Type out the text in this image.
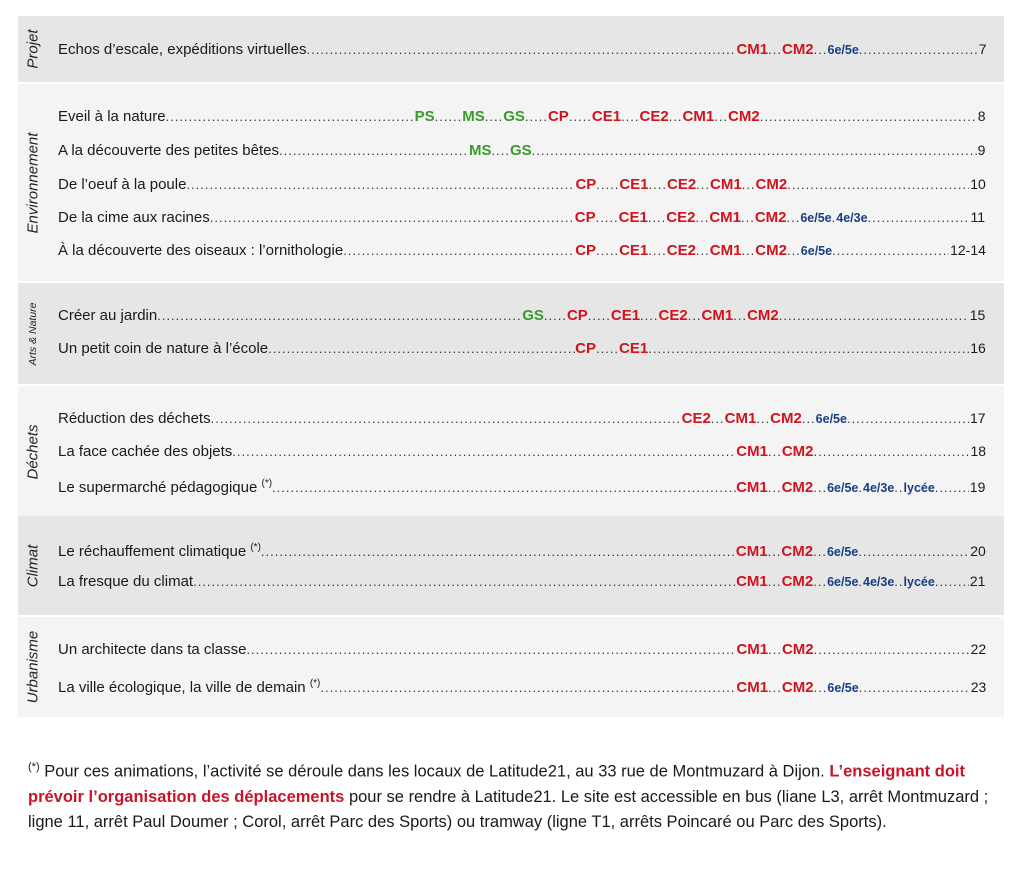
Projet Echos d’escale, expéditions virtuelles .....	CM1 ... CM2 ... 6e/5e .....	7
Environnement
Eveil à la nature .....	PS ...... MS .... GS ..... CP ..... CE1 .... CE2 ... CM1 ... CM2 .....	8
A la découverte des petites bêtes .....	MS .... GS .....	9
De l’oeuf à la poule .....	CP ..... CE1 .... CE2 ... CM1 ... CM2 .....	10
De la cime aux racines .....	CP ..... CE1 .... CE2 ... CM1 ... CM2 ... 6e/5e . 4e/3e .....	11
À la découverte des oiseaux : l’ornithologie .....	CP ..... CE1 .... CE2 ... CM1 ... CM2 ... 6e/5e .....	12-14
Arts & Nature Créer au jardin .....	GS ..... CP ..... CE1 .... CE2 ... CM1 ... CM2 .....	15
Un petit coin de nature à l’école .....	CP ..... CE1 .....	16
Déchets
Réduction des déchets .....	CE2 ... CM1 ... CM2 ... 6e/5e .....	17
La face cachée des objets .....	CM1 ... CM2 .....	18
Le supermarché pédagogique (*) .....	CM1 ... CM2 ... 6e/5e . 4e/3e .. lycée .....	19
Climat Le réchauffement climatique (*) .....	CM1 ... CM2 ... 6e/5e .....	20
La fresque du climat .....	CM1 ... CM2 ... 6e/5e . 4e/3e .. lycée .....	21
Urbanisme Un architecte dans ta classe .....	CM1 ... CM2 .....	22
La ville écologique, la ville de demain (*) .....	CM1 ... CM2 ... 6e/5e .....	23
(*) Pour ces animations, l’activité se déroule dans les locaux de Latitude21, au 33 rue de Montmuzard à Dijon. L’enseignant doit prévoir l’organisation des déplacements pour se rendre à Latitude21. Le site est accessible en bus (liane L3, arrêt Montmuzard ; ligne 11, arrêt Paul Doumer ; Corol, arrêt Parc des Sports) ou tramway (ligne T1, arrêts Poincaré ou Parc des Sports).
